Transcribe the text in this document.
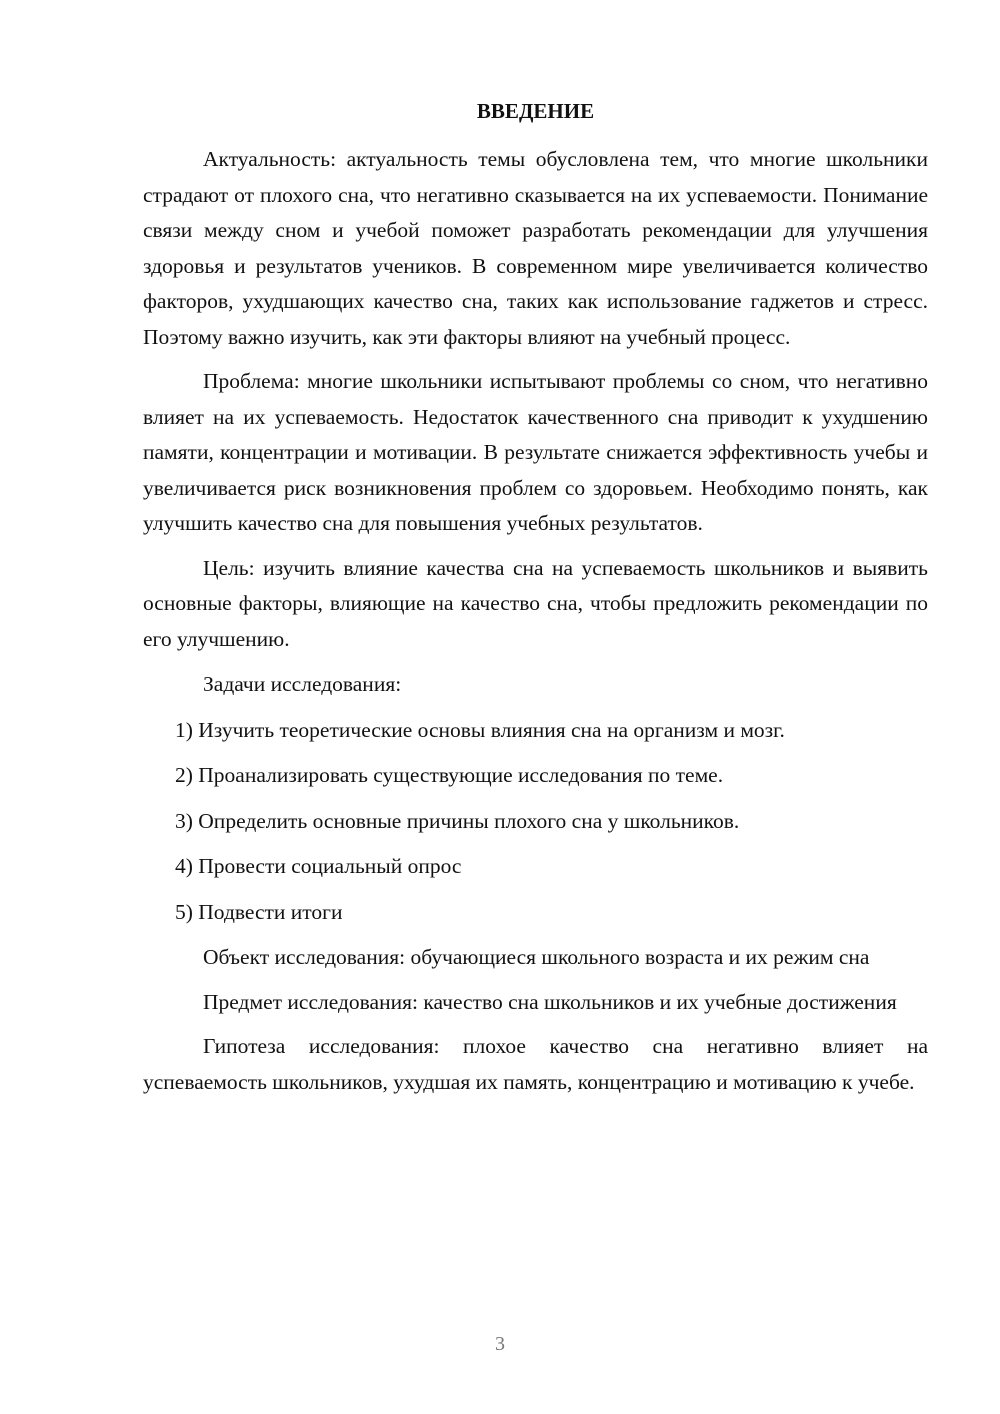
ВВЕДЕНИЕ

Актуальность: актуальность темы обусловлена тем, что многие школьники страдают от плохого сна, что негативно сказывается на их успеваемости. Понимание связи между сном и учебой поможет разработать рекомендации для улучшения здоровья и результатов учеников. В современном мире увеличивается количество факторов, ухудшающих качество сна, таких как использование гаджетов и стресс. Поэтому важно изучить, как эти факторы влияют на учебный процесс.

Проблема: многие школьники испытывают проблемы со сном, что негативно влияет на их успеваемость. Недостаток качественного сна приводит к ухудшению памяти, концентрации и мотивации. В результате снижается эффективность учебы и увеличивается риск возникновения проблем со здоровьем. Необходимо понять, как улучшить качество сна для повышения учебных результатов.

Цель: изучить влияние качества сна на успеваемость школьников и выявить основные факторы, влияющие на качество сна, чтобы предложить рекомендации по его улучшению.

Задачи исследования:

1) Изучить теоретические основы влияния сна на организм и мозг.
2) Проанализировать существующие исследования по теме.
3) Определить основные причины плохого сна у школьников.
4) Провести социальный опрос
5) Подвести итоги

Объект исследования: обучающиеся школьного возраста и их режим сна

Предмет исследования: качество сна школьников и их учебные достижения

Гипотеза исследования: плохое качество сна негативно влияет на успеваемость школьников, ухудшая их память, концентрацию и мотивацию к учебе.

3
